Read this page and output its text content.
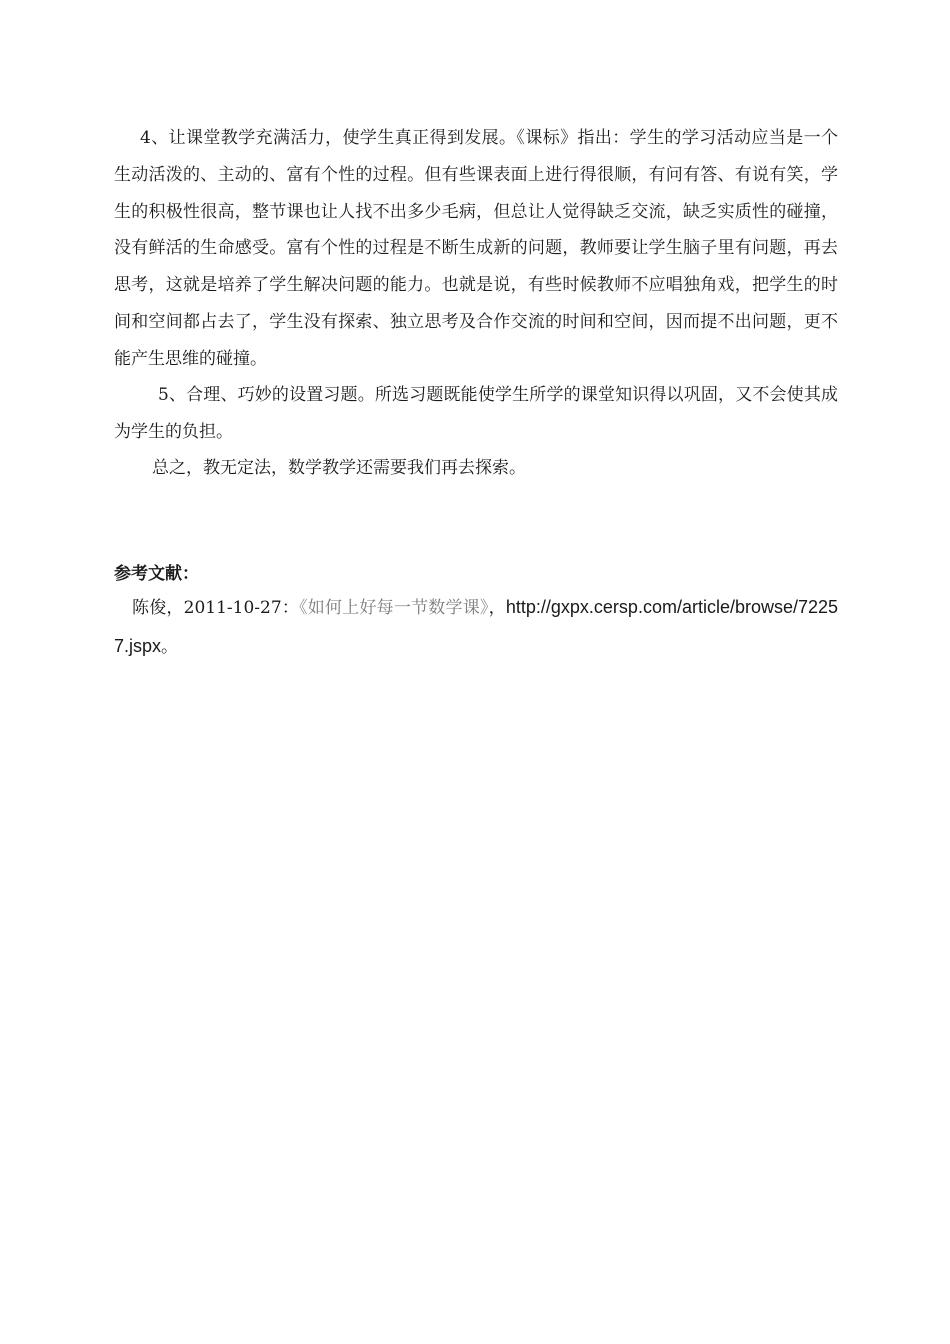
4、让课堂教学充满活力，使学生真正得到发展。《课标》指出：学生的学习活动应当是一个生动活泼的、主动的、富有个性的过程。但有些课表面上进行得很顺，有问有答、有说有笑，学生的积极性很高，整节课也让人找不出多少毛病，但总让人觉得缺乏交流，缺乏实质性的碰撞，没有鲜活的生命感受。富有个性的过程是不断生成新的问题，教师要让学生脑子里有问题，再去思考，这就是培养了学生解决问题的能力。也就是说，有些时候教师不应唱独角戏，把学生的时间和空间都占去了，学生没有探索、独立思考及合作交流的时间和空间，因而提不出问题，更不能产生思维的碰撞。

5、合理、巧妙的设置习题。所选习题既能使学生所学的课堂知识得以巩固，又不会使其成为学生的负担。

总之，教无定法，数学教学还需要我们再去探索。

参考文献：

陈俊，2011-10-27：《如何上好每一节数学课》，http://gxpx.cersp.com/article/browse/72257.jspx。
